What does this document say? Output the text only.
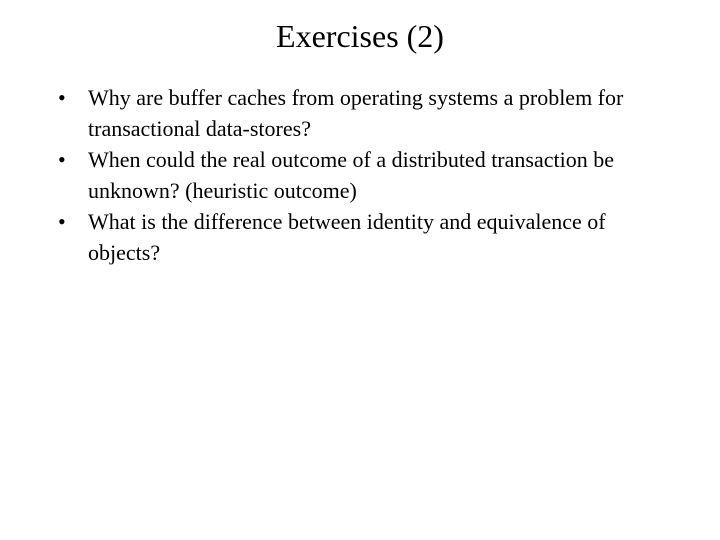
Exercises (2)
•	Why are buffer caches from operating systems a problem for transactional data-stores?
•	When could the real outcome of a distributed transaction be unknown? (heuristic outcome)
•	What is the difference between identity and equivalence of objects?
